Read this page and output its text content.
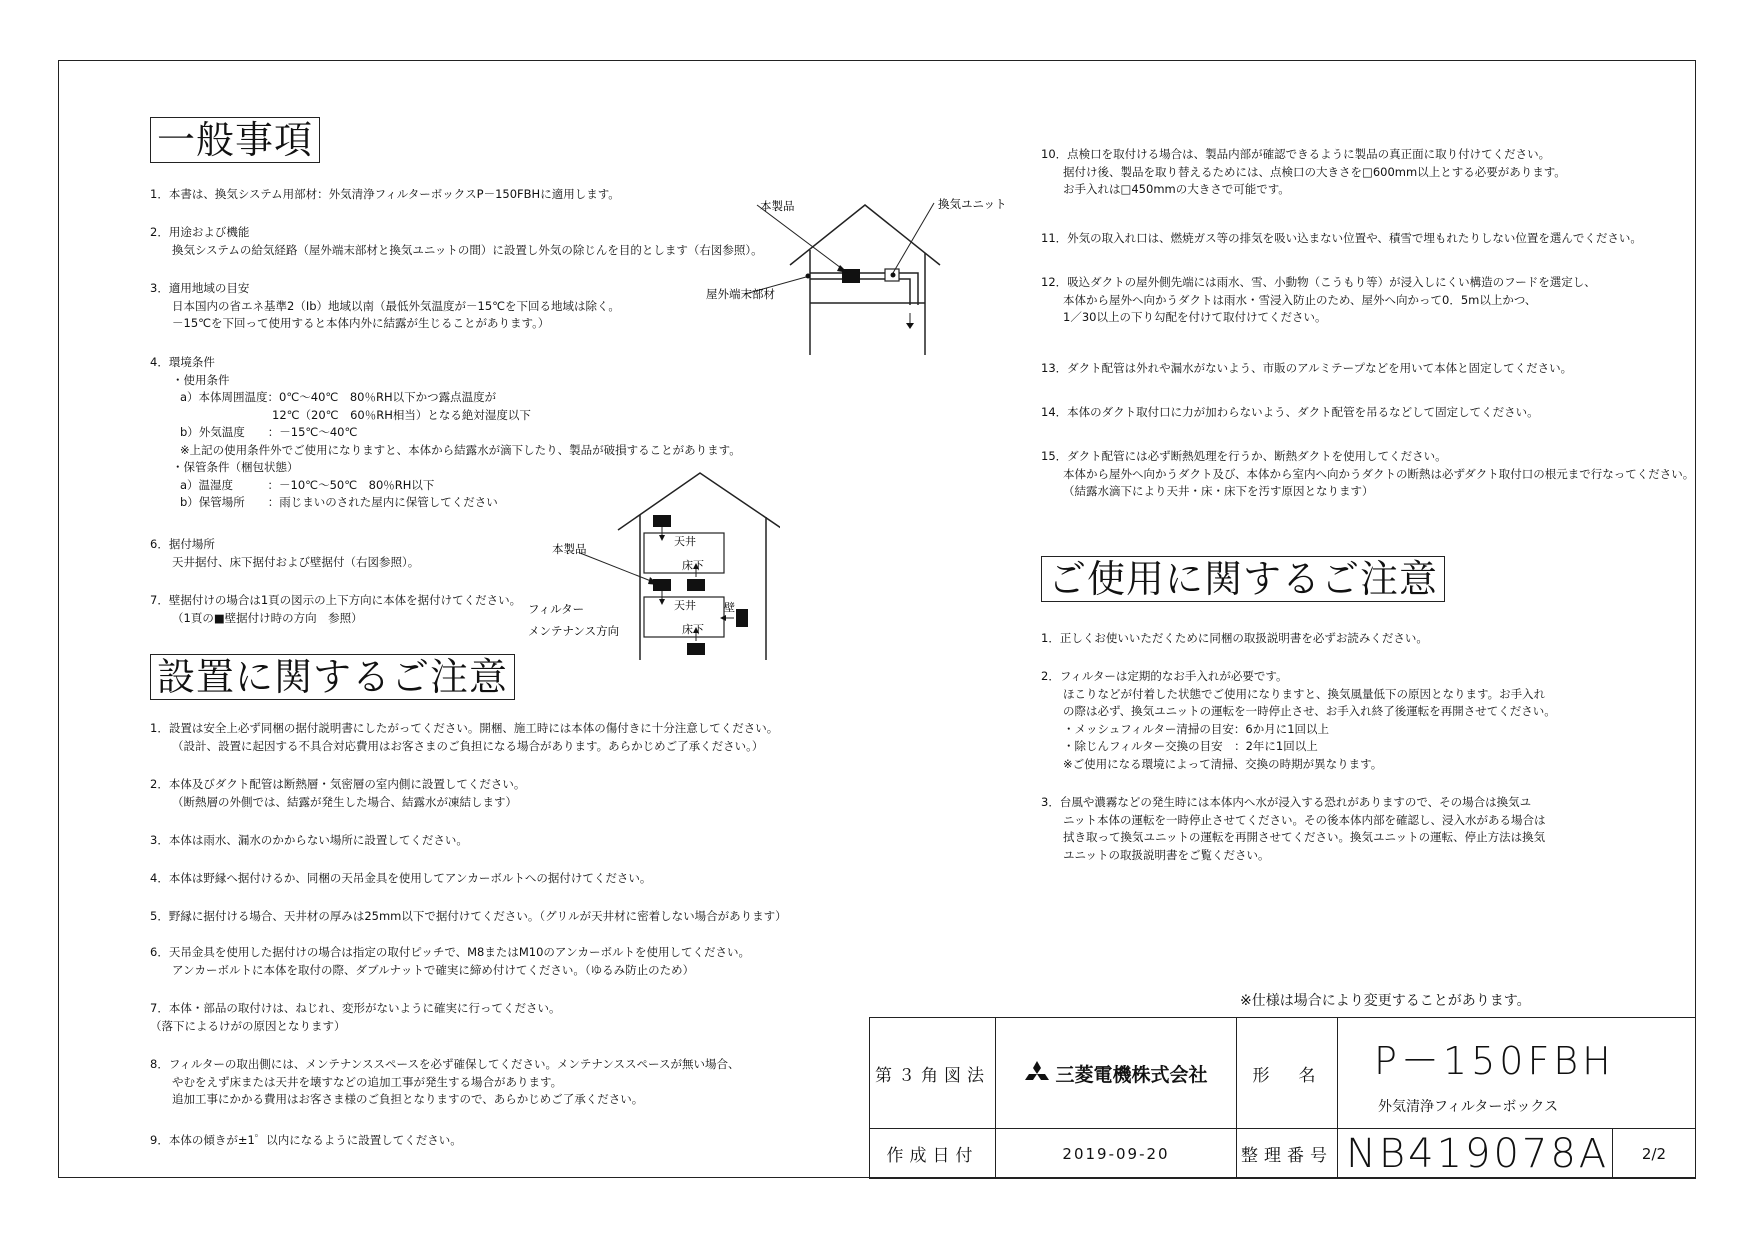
一般事項
設置に関するご注意
ご使用に関するご注意
1．本書は、換気システム用部材：外気清浄フィルターボックスP－150FBHに適用します。
2．用途および機能
換気システムの給気経路（屋外端末部材と換気ユニットの間）に設置し外気の除じんを目的とします（右図参照）。
3．適用地域の目安
日本国内の省エネ基準2（Ⅰb）地域以南（最低外気温度が－15℃を下回る地域は除く。
－15℃を下回って使用すると本体内外に結露が生じることがあります。）
4．環境条件
・使用条件
a）本体周囲温度：0℃～40℃　80％RH以下かつ露点温度が
　　　　　　　　12℃（20℃　60％RH相当）となる絶対湿度以下
b）外気温度　　：－15℃～40℃
※上記の使用条件外でご使用になりますと、本体から結露水が滴下したり、製品が破損することがあります。
・保管条件（梱包状態）
a）温湿度　　　：－10℃～50℃　80％RH以下
b）保管場所　　：雨じまいのされた屋内に保管してください
6．据付場所
天井据付、床下据付および壁据付（右図参照）。
7．壁据付けの場合は1頁の図示の上下方向に本体を据付けてください。
（1頁の■壁据付け時の方向　参照）
1．設置は安全上必ず同梱の据付説明書にしたがってください。開梱、施工時には本体の傷付きに十分注意してください。
（設計、設置に起因する不具合対応費用はお客さまのご負担になる場合があります。あらかじめご了承ください。）
2．本体及びダクト配管は断熱層・気密層の室内側に設置してください。
（断熱層の外側では、結露が発生した場合、結露水が凍結します）
3．本体は雨水、漏水のかからない場所に設置してください。
4．本体は野縁へ据付けるか、同梱の天吊金具を使用してアンカーボルトへの据付けてください。
5．野縁に据付ける場合、天井材の厚みは25mm以下で据付けてください。（グリルが天井材に密着しない場合があります）
6．天吊金具を使用した据付けの場合は指定の取付ピッチで、M8またはM10のアンカーボルトを使用してください。
アンカーボルトに本体を取付の際、ダブルナットで確実に締め付けてください。（ゆるみ防止のため）
7．本体・部品の取付けは、ねじれ、変形がないように確実に行ってください。
（落下によるけがの原因となります）
8．フィルターの取出側には、メンテナンススペースを必ず確保してください。メンテナンススペースが無い場合、
やむをえず床または天井を壊すなどの追加工事が発生する場合があります。
追加工事にかかる費用はお客さま様のご負担となりますので、あらかじめご了承ください。
9．本体の傾きが±1゜以内になるように設置してください。
10．点検口を取付ける場合は、製品内部が確認できるように製品の真正面に取り付けてください。
据付け後、製品を取り替えるためには、点検口の大きさを□600mm以上とする必要があります。
お手入れは□450mmの大きさで可能です。
11．外気の取入れ口は、燃焼ガス等の排気を吸い込まない位置や、積雪で埋もれたりしない位置を選んでください。
12．吸込ダクトの屋外側先端には雨水、雪、小動物（こうもり等）が浸入しにくい構造のフードを選定し、
本体から屋外へ向かうダクトは雨水・雪浸入防止のため、屋外へ向かって0．5m以上かつ、
1／30以上の下り勾配を付けて取付けてください。
13．ダクト配管は外れや漏水がないよう、市販のアルミテープなどを用いて本体と固定してください。
14．本体のダクト取付口に力が加わらないよう、ダクト配管を吊るなどして固定してください。
15．ダクト配管には必ず断熱処理を行うか、断熱ダクトを使用してください。
本体から屋外へ向かうダクト及び、本体から室内へ向かうダクトの断熱は必ずダクト取付口の根元まで行なってください。
（結露水滴下により天井・床・床下を汚す原因となります）
1．正しくお使いいただくために同梱の取扱説明書を必ずお読みください。
2．フィルターは定期的なお手入れが必要です。
ほこりなどが付着した状態でご使用になりますと、換気風量低下の原因となります。お手入れ
の際は必ず、換気ユニットの運転を一時停止させ、お手入れ終了後運転を再開させてください。
・メッシュフィルター清掃の目安：6か月に1回以上
・除じんフィルター交換の目安　：2年に1回以上
※ご使用になる環境によって清掃、交換の時期が異なります。
3．台風や濃霧などの発生時には本体内へ水が浸入する恐れがありますので、その場合は換気ユ
ニット本体の運転を一時停止させてください。その後本体内部を確認し、浸入水がある場合は
拭き取って換気ユニットの運転を再開させてください。換気ユニットの運転、停止方法は換気
ユニットの取扱説明書をご覧ください。
本製品	換気ユニット
屋外端末部材
天井
床下
天井
床下
壁
本製品
フィルター
メンテナンス方向
※仕様は場合により変更することがあります。
第３角図法	三菱電機株式会社	形　名	P－150FBH
外気清浄フィルターボックス	

作成日付	2019-09-20	整理番号	NB419078A	2/2
